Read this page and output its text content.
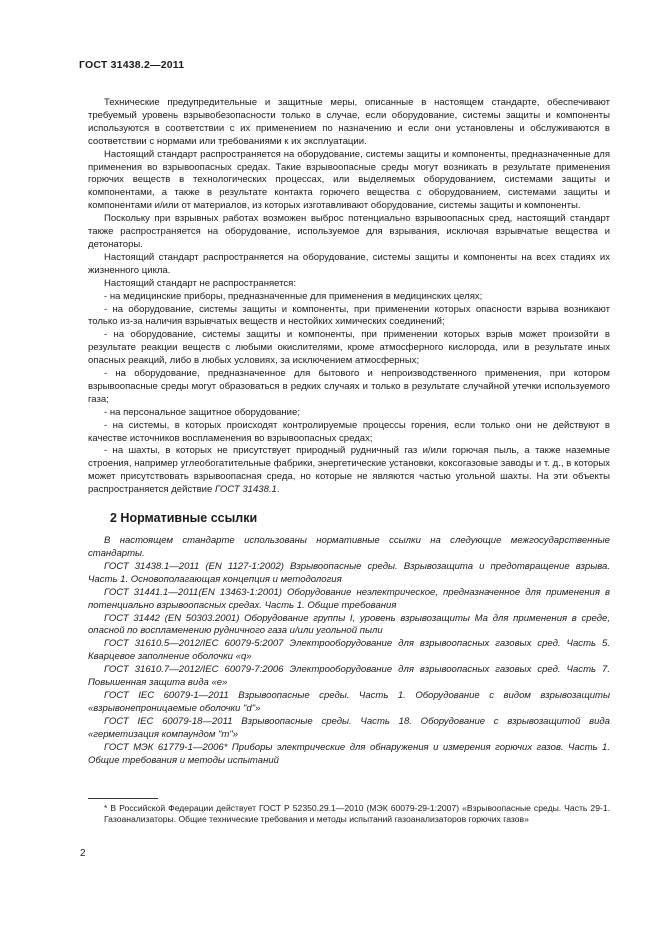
ГОСТ 31438.2—2011

Технические предупредительные и защитные меры, описанные в настоящем стандарте, обеспечивают требуемый уровень взрывобезопасности только в случае, если оборудование, системы защиты и компоненты используются в соответствии с их применением по назначению и если они установлены и обслуживаются в соответствии с нормами или требованиями к их эксплуатации.

Настоящий стандарт распространяется на оборудование, системы защиты и компоненты, предназначенные для применения во взрывоопасных средах. Такие взрывоопасные среды могут возникать в результате применения горючих веществ в технологических процессах, или выделяемых оборудованием, системами защиты и компонентами, а также в результате контакта горючего вещества с оборудованием, системами защиты и компонентами и/или от материалов, из которых изготавливают оборудование, системы защиты и компоненты.

Поскольку при взрывных работах возможен выброс потенциально взрывоопасных сред, настоящий стандарт также распространяется на оборудование, используемое для взрывания, исключая взрывчатые вещества и детонаторы.

Настоящий стандарт распространяется на оборудование, системы защиты и компоненты на всех стадиях их жизненного цикла.

Настоящий стандарт не распространяется:

- на медицинские приборы, предназначенные для применения в медицинских целях;

- на оборудование, системы защиты и компоненты, при применении которых опасности взрыва возникают только из-за наличия взрывчатых веществ и нестойких химических соединений;

- на оборудование, системы защиты и компоненты, при применении которых взрыв может произойти в результате реакции веществ с любыми окислителями, кроме атмосферного кислорода, или в результате иных опасных реакций, либо в любых условиях, за исключением атмосферных;

- на оборудование, предназначенное для бытового и непроизводственного применения, при котором взрывоопасные среды могут образоваться в редких случаях и только в результате случайной утечки используемого газа;

- на персональное защитное оборудование;

- на системы, в которых происходят контролируемые процессы горения, если только они не действуют в качестве источников воспламенения во взрывоопасных средах;

- на шахты, в которых не присутствует природный рудничный газ и/или горючая пыль, а также наземные строения, например углеобогатительные фабрики, энергетические установки, коксогазовые заводы и т. д., в которых может присутствовать взрывоопасная среда, но которые не являются частью угольной шахты. На эти объекты распространяется действие ГОСТ 31438.1.

2 Нормативные ссылки

В настоящем стандарте использованы нормативные ссылки на следующие межгосударственные стандарты.

ГОСТ 31438.1—2011 (EN 1127-1:2002) Взрывоопасные среды. Взрывозащита и предотвращение взрыва. Часть 1. Основополагающая концепция и методология

ГОСТ 31441.1—2011(EN 13463-1:2001) Оборудование неэлектрическое, предназначенное для применения в потенциально взрывоопасных средах. Часть 1. Общие требования

ГОСТ 31442 (EN 50303.2001) Оборудование группы I, уровень взрывозащиты Ма для применения в среде, опасной по воспламенению рудничного газа и/или угольной пыли

ГОСТ 31610.5—2012/IEC 60079-5:2007 Электрооборудование для взрывоопасных газовых сред. Часть 5. Кварцевое заполнение оболочки «q»

ГОСТ 31610.7—2012/IEC 60079-7:2006 Электрооборудование для взрывоопасных газовых сред. Часть 7. Повышенная защита вида «е»

ГОСТ IEC 60079-1—2011 Взрывоопасные среды. Часть 1. Оборудование с видом взрывозащиты «взрывонепроницаемые оболочки "d"»

ГОСТ IEC 60079-18—2011 Взрывоопасные среды. Часть 18. Оборудование с взрывозащитой вида «герметизация компаундом "m"»

ГОСТ МЭК 61779-1—2006* Приборы электрические для обнаружения и измерения горючих газов. Часть 1. Общие требования и методы испытаний

* В Российской Федерации действует ГОСТ Р 52350.29.1—2010 (МЭК 60079-29-1:2007) «Взрывоопасные среды. Часть 29-1. Газоанализаторы. Общие технические требования и методы испытаний газоанализаторов горючих газов»
2
